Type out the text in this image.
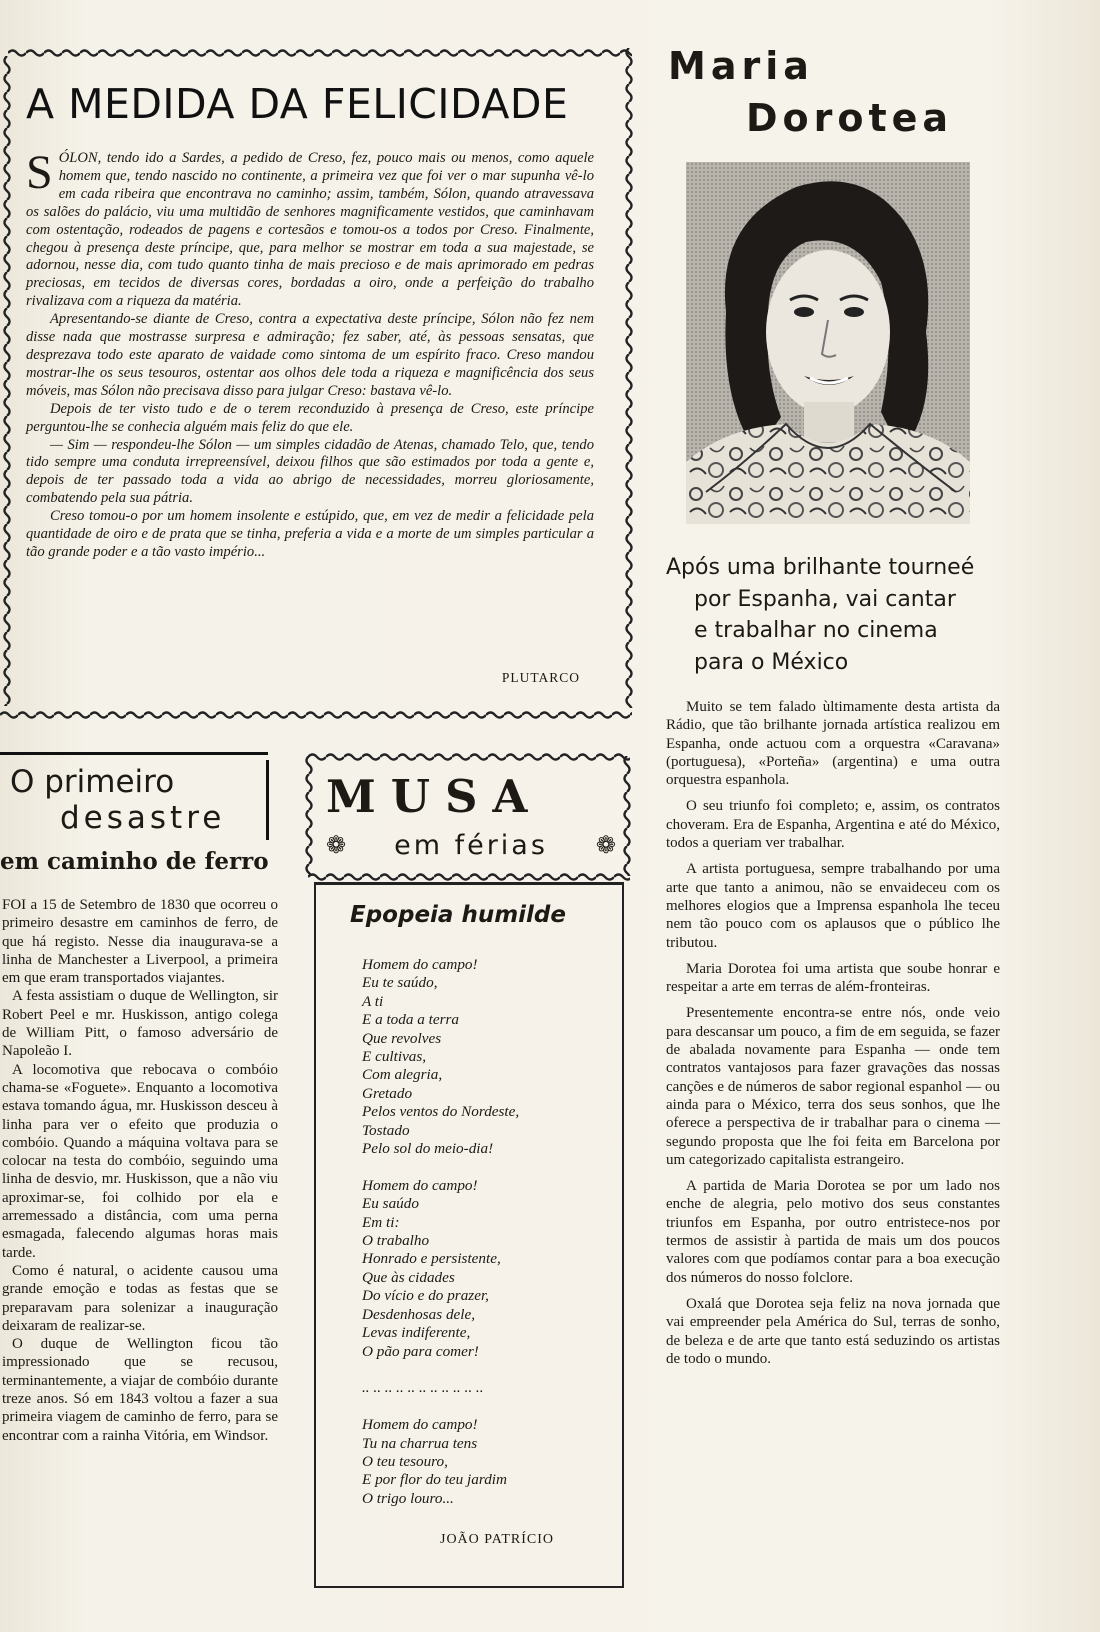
A MEDIDA DA FELICIDADE

SÓLON, tendo ido a Sardes, a pedido de Creso, fez, pouco mais ou menos, como aquele homem que, tendo nascido no continente, a primeira vez que foi ver o mar supunha vê-lo em cada ribeira que encontrava no caminho; assim, também, Sólon, quando atravessava os salões do palácio, viu uma multidão de senhores magnificamente vestidos, que caminhavam com ostentação, rodeados de pagens e cortesãos e tomou-os a todos por Creso. Finalmente, chegou à presença deste príncipe, que, para melhor se mostrar em toda a sua majestade, se adornou, nesse dia, com tudo quanto tinha de mais precioso e de mais aprimorado em pedras preciosas, em tecidos de diversas cores, bordadas a oiro, onde a perfeição do trabalho rivalizava com a riqueza da matéria.

Apresentando-se diante de Creso, contra a expectativa deste príncipe, Sólon não fez nem disse nada que mostrasse surpresa e admiração; fez saber, até, às pessoas sensatas, que desprezava todo este aparato de vaidade como sintoma de um espírito fraco. Creso mandou mostrar-lhe os seus tesouros, ostentar aos olhos dele toda a riqueza e magnificência dos seus móveis, mas Sólon não precisava disso para julgar Creso: bastava vê-lo.

Depois de ter visto tudo e de o terem reconduzido à presença de Creso, este príncipe perguntou-lhe se conhecia alguém mais feliz do que ele.

— Sim — respondeu-lhe Sólon — um simples cidadão de Atenas, chamado Telo, que, tendo tido sempre uma conduta irrepreensível, deixou filhos que são estimados por toda a gente e, depois de ter passado toda a vida ao abrigo de necessidades, morreu gloriosamente, combatendo pela sua pátria.

Creso tomou-o por um homem insolente e estúpido, que, em vez de medir a felicidade pela quantidade de oiro e de prata que se tinha, preferia a vida e a morte de um simples particular a tão grande poder e a tão vasto império...

PLUTARCO
Maria
Dorotea
Após uma brilhante tourneé
por Espanha, vai cantar
e trabalhar no cinema
para o México

Muito se tem falado ùltimamente desta artista da Rádio, que tão brilhante jornada artística realizou em Espanha, onde actuou com a orquestra «Caravana» (portuguesa), «Porteña» (argentina) e uma outra orquestra espanhola.

O seu triunfo foi completo; e, assim, os contratos choveram. Era de Espanha, Argentina e até do México, todos a queriam ver trabalhar.

A artista portuguesa, sempre trabalhando por uma arte que tanto a animou, não se envaideceu com os melhores elogios que a Imprensa espanhola lhe teceu nem tão pouco com os aplausos que o público lhe tributou.

Maria Dorotea foi uma artista que soube honrar e respeitar a arte em terras de além-fronteiras.

Presentemente encontra-se entre nós, onde veio para descansar um pouco, a fim de em seguida, se fazer de abalada novamente para Espanha — onde tem contratos vantajosos para fazer gravações das nossas canções e de números de sabor regional espanhol — ou ainda para o México, terra dos seus sonhos, que lhe oferece a perspectiva de ir trabalhar para o cinema — segundo proposta que lhe foi feita em Barcelona por um categorizado capitalista estrangeiro.

A partida de Maria Dorotea se por um lado nos enche de alegria, pelo motivo dos seus constantes triunfos em Espanha, por outro entristece-nos por termos de assistir à partida de mais um dos poucos valores com que podíamos contar para a boa execução dos números do nosso folclore.

Oxalá que Dorotea seja feliz na nova jornada que vai empreender pela América do Sul, terras de sonho, de beleza e de arte que tanto está seduzindo os artistas de todo o mundo.

O primeiro
desastre
em caminho de ferro

FOI a 15 de Setembro de 1830 que ocorreu o primeiro desastre em caminhos de ferro, de que há registo. Nesse dia inaugurava-se a linha de Manchester a Liverpool, a primeira em que eram transportados viajantes.

A festa assistiam o duque de Wellington, sir Robert Peel e mr. Huskisson, antigo colega de William Pitt, o famoso adversário de Napoleão I.

A locomotiva que rebocava o combóio chama-se «Foguete». Enquanto a locomotiva estava tomando água, mr. Huskisson desceu à linha para ver o efeito que produzia o combóio. Quando a máquina voltava para se colocar na testa do combóio, seguindo uma linha de desvio, mr. Huskisson, que a não viu aproximar-se, foi colhido por ela e arremessado a distância, com uma perna esmagada, falecendo algumas horas mais tarde.

Como é natural, o acidente causou uma grande emoção e todas as festas que se preparavam para solenizar a inauguração deixaram de realizar-se.

O duque de Wellington ficou tão impressionado que se recusou, terminantemente, a viajar de combóio durante treze anos. Só em 1843 voltou a fazer a sua primeira viagem de caminho de ferro, para se encontrar com a rainha Vitória, em Windsor.

MUSA
❁ em férias ❁
Epopeia humilde
Homem do campo!
Eu te saúdo,
A ti
E a toda a terra
Que revolves
E cultivas,
Com alegria,
Gretado
Pelos ventos do Nordeste,
Tostado
Pelo sol do meio-dia!
Homem do campo!
Eu saúdo
Em ti:
O trabalho
Honrado e persistente,
Que às cidades
Do vício e do prazer,
Desdenhosas dele,
Levas indiferente,
O pão para comer!
.. .. .. .. .. .. .. .. .. .. ..
Homem do campo!
Tu na charrua tens
O teu tesouro,
E por flor do teu jardim
O trigo louro...
JOÃO PATRÍCIO
